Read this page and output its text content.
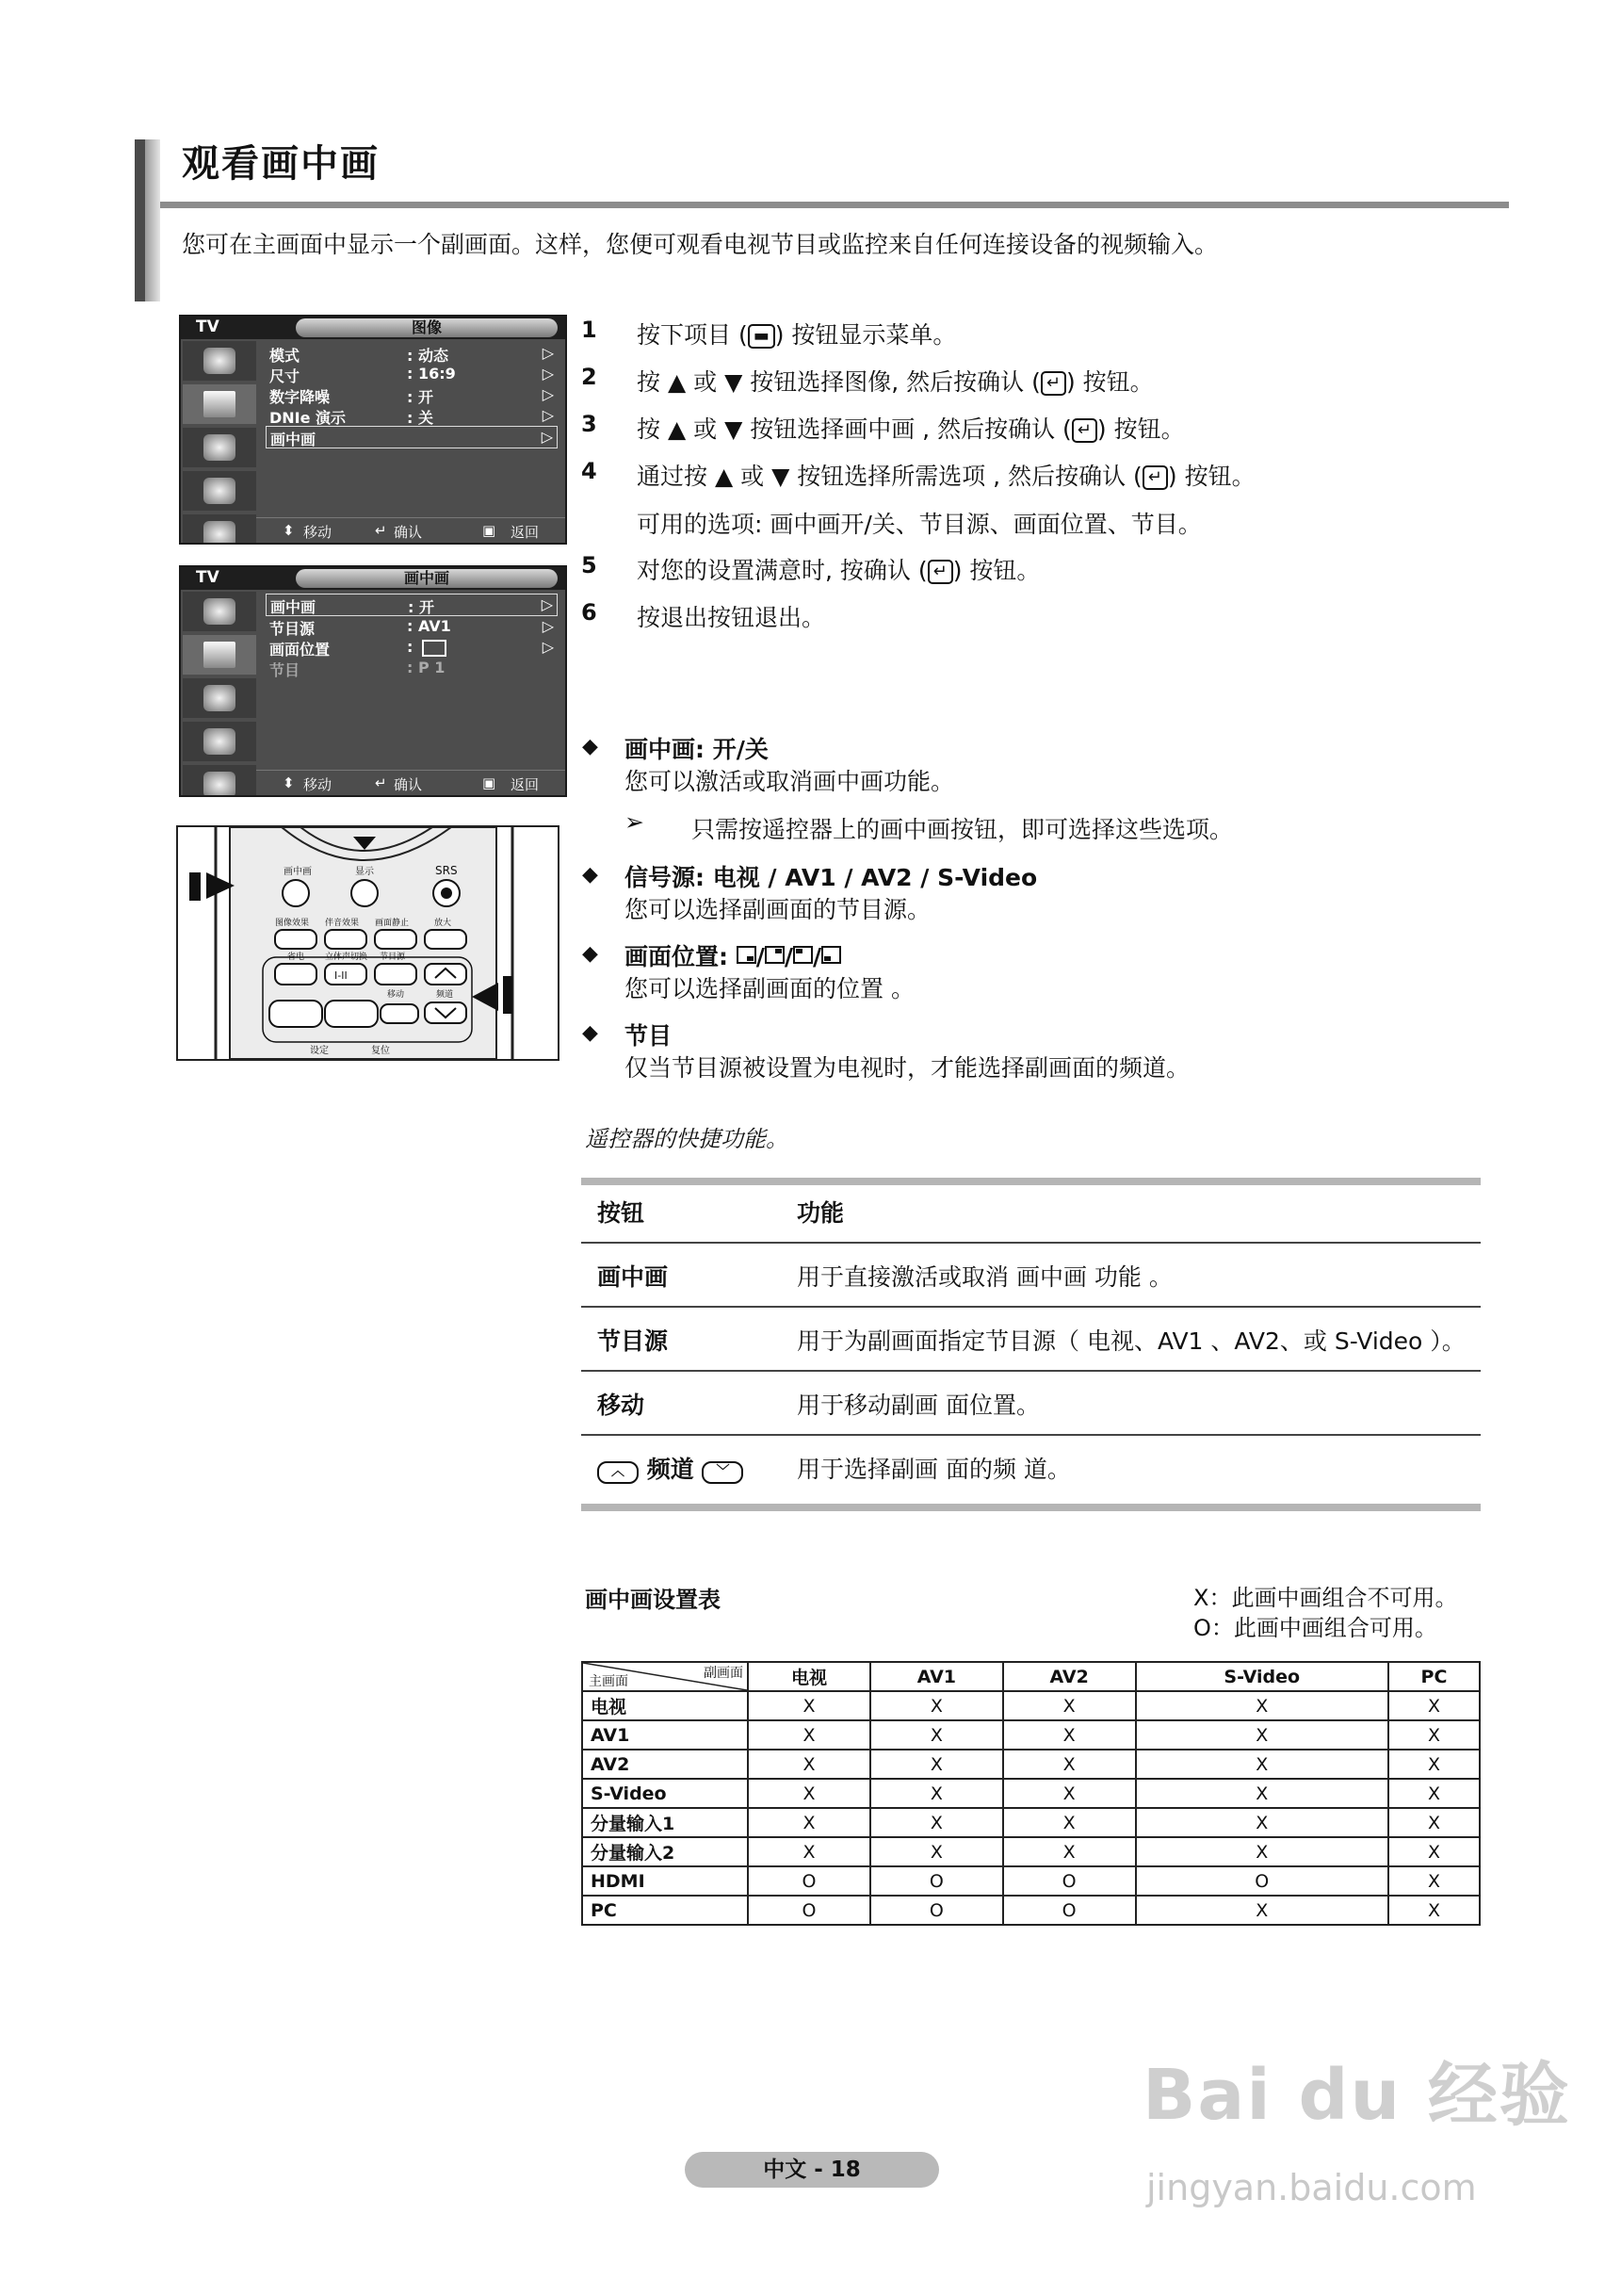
观看画中画
您可在主画面中显示一个副画面。这样，您便可观看电视节目或监控来自任何连接设备的视频输入。
TV	图像
模式	: 动态	▷
尺寸	: 16:9	▷
数字降噪	: 开	▷
DNIe 演示	: 关	▷
画中画	▷
⬍ 移动	↵ 确认	▣ 返回
TV	画中画
画中画	: 开	▷
节目源	: AV1	▷
画面位置	:	▷
节目	: P 1
⬍ 移动	↵ 确认	▣ 返回
画中画	显示	SRS
图像效果 伴音效果 画面静止	放大
省电 立体声切换
I-II
节目源
移动	频道
设定	复位
1 按下项目 ( ▬ ) 按钮显示菜单。
2 按 ▲ 或 ▼ 按钮选择图像, 然后按确认 ( ↵ ) 按钮。
3 按 ▲ 或 ▼ 按钮选择画中画 , 然后按确认 ( ↵ ) 按钮。
4 通过按 ▲ 或 ▼ 按钮选择所需选项 , 然后按确认 ( ↵ ) 按钮。
可用的选项: 画中画开/关、节目源、画面位置、节目。
5 对您的设置满意时, 按确认 ( ↵ ) 按钮。
6 按退出按钮退出。
◆ 画中画: 开/关
您可以激活或取消画中画功能。
➢ 只需按遥控器上的画中画按钮，即可选择这些选项。
◆ 信号源: 电视 / AV1 / AV2 / S-Video
您可以选择副画面的节目源。
◆ 画面位置: / / /
您可以选择副画面的位置 。
◆ 节目
仅当节目源被设置为电视时，才能选择副画面的频道。
遥控器的快捷功能。
按钮	功能
画中画	用于直接激活或取消 画中画 功能 。
节目源	用于为副画面指定节目源（ 电视、AV1 、AV2、或 S-Video ）。
移动	用于移动副画 面位置。
︿ 频道 ﹀	用于选择副画 面的频 道。
画中画设置表	X：此画中画组合不可用。
O：此画中画组合可用。
副画面
主画面	电视	AV1	AV2	S-Video	PC
电视	X	X	X	X	X
AV1	X	X	X	X	X
AV2	X	X	X	X	X
S-Video	X	X	X	X	X
分量输入1	X	X	X	X	X
分量输入2	X	X	X	X	X
HDMI	O	O	O	O	X
PC	O	O	O	X	X
Bai du 经验
中文 - 18	jingyan.baidu.com
